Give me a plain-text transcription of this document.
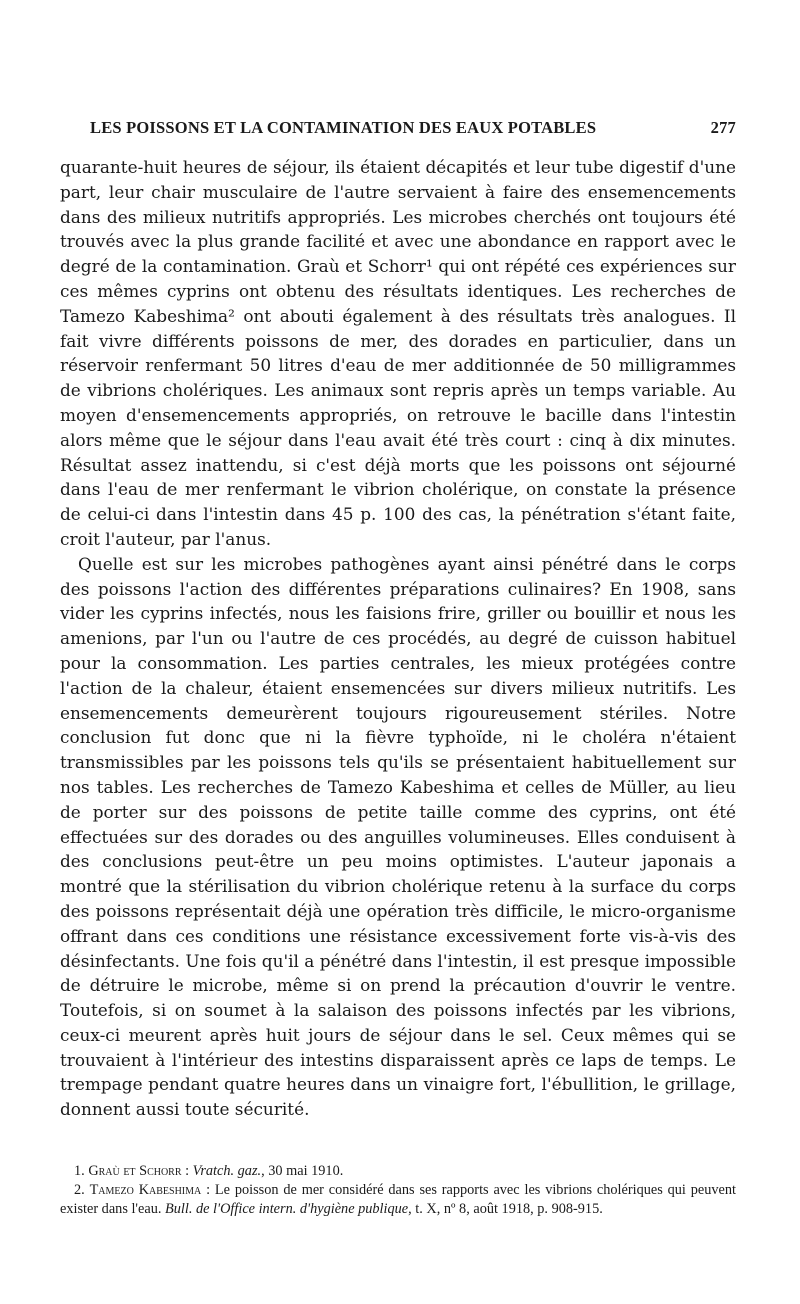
LES POISSONS ET LA CONTAMINATION DES EAUX POTABLES	277

quarante-huit heures de séjour, ils étaient décapités et leur tube digestif d'une part, leur chair musculaire de l'autre servaient à faire des ensemencements dans des milieux nutritifs appropriés. Les microbes cherchés ont toujours été trouvés avec la plus grande facilité et avec une abondance en rapport avec le degré de la contamination. Graù et Schorr¹ qui ont répété ces expériences sur ces mêmes cyprins ont obtenu des résultats identiques. Les recherches de Tamezo Kabeshima² ont abouti également à des résultats très analogues. Il fait vivre différents poissons de mer, des dorades en particulier, dans un réservoir renfermant 50 litres d'eau de mer additionnée de 50 milligrammes de vibrions cholériques. Les animaux sont repris après un temps variable. Au moyen d'ensemencements appropriés, on retrouve le bacille dans l'intestin alors même que le séjour dans l'eau avait été très court : cinq à dix minutes. Résultat assez inattendu, si c'est déjà morts que les poissons ont séjourné dans l'eau de mer renfermant le vibrion cholérique, on constate la présence de celui-ci dans l'intestin dans 45 p. 100 des cas, la pénétration s'étant faite, croit l'auteur, par l'anus.

Quelle est sur les microbes pathogènes ayant ainsi pénétré dans le corps des poissons l'action des différentes préparations culinaires? En 1908, sans vider les cyprins infectés, nous les faisions frire, griller ou bouillir et nous les amenions, par l'un ou l'autre de ces procédés, au degré de cuisson habituel pour la consommation. Les parties centrales, les mieux protégées contre l'action de la chaleur, étaient ensemencées sur divers milieux nutritifs. Les ensemencements demeurèrent toujours rigoureusement stériles. Notre conclusion fut donc que ni la fièvre typhoïde, ni le choléra n'étaient transmissibles par les poissons tels qu'ils se présentaient habituellement sur nos tables. Les recherches de Tamezo Kabeshima et celles de Müller, au lieu de porter sur des poissons de petite taille comme des cyprins, ont été effectuées sur des dorades ou des anguilles volumineuses. Elles conduisent à des conclusions peut-être un peu moins optimistes. L'auteur japonais a montré que la stérilisation du vibrion cholérique retenu à la surface du corps des poissons représentait déjà une opération très difficile, le micro-organisme offrant dans ces conditions une résistance excessivement forte vis-à-vis des désinfectants. Une fois qu'il a pénétré dans l'intestin, il est presque impossible de détruire le microbe, même si on prend la précaution d'ouvrir le ventre. Toutefois, si on soumet à la salaison des poissons infectés par les vibrions, ceux-ci meurent après huit jours de séjour dans le sel. Ceux mêmes qui se trouvaient à l'intérieur des intestins disparaissent après ce laps de temps. Le trempage pendant quatre heures dans un vinaigre fort, l'ébullition, le grillage, donnent aussi toute sécurité.

1. Graù et Schorr : Vratch. gaz., 30 mai 1910.

2. Tamezo Kabeshima : Le poisson de mer considéré dans ses rapports avec les vibrions cholériques qui peuvent exister dans l'eau. Bull. de l'Office intern. d'hygiène publique, t. X, nº 8, août 1918, p. 908-915.
